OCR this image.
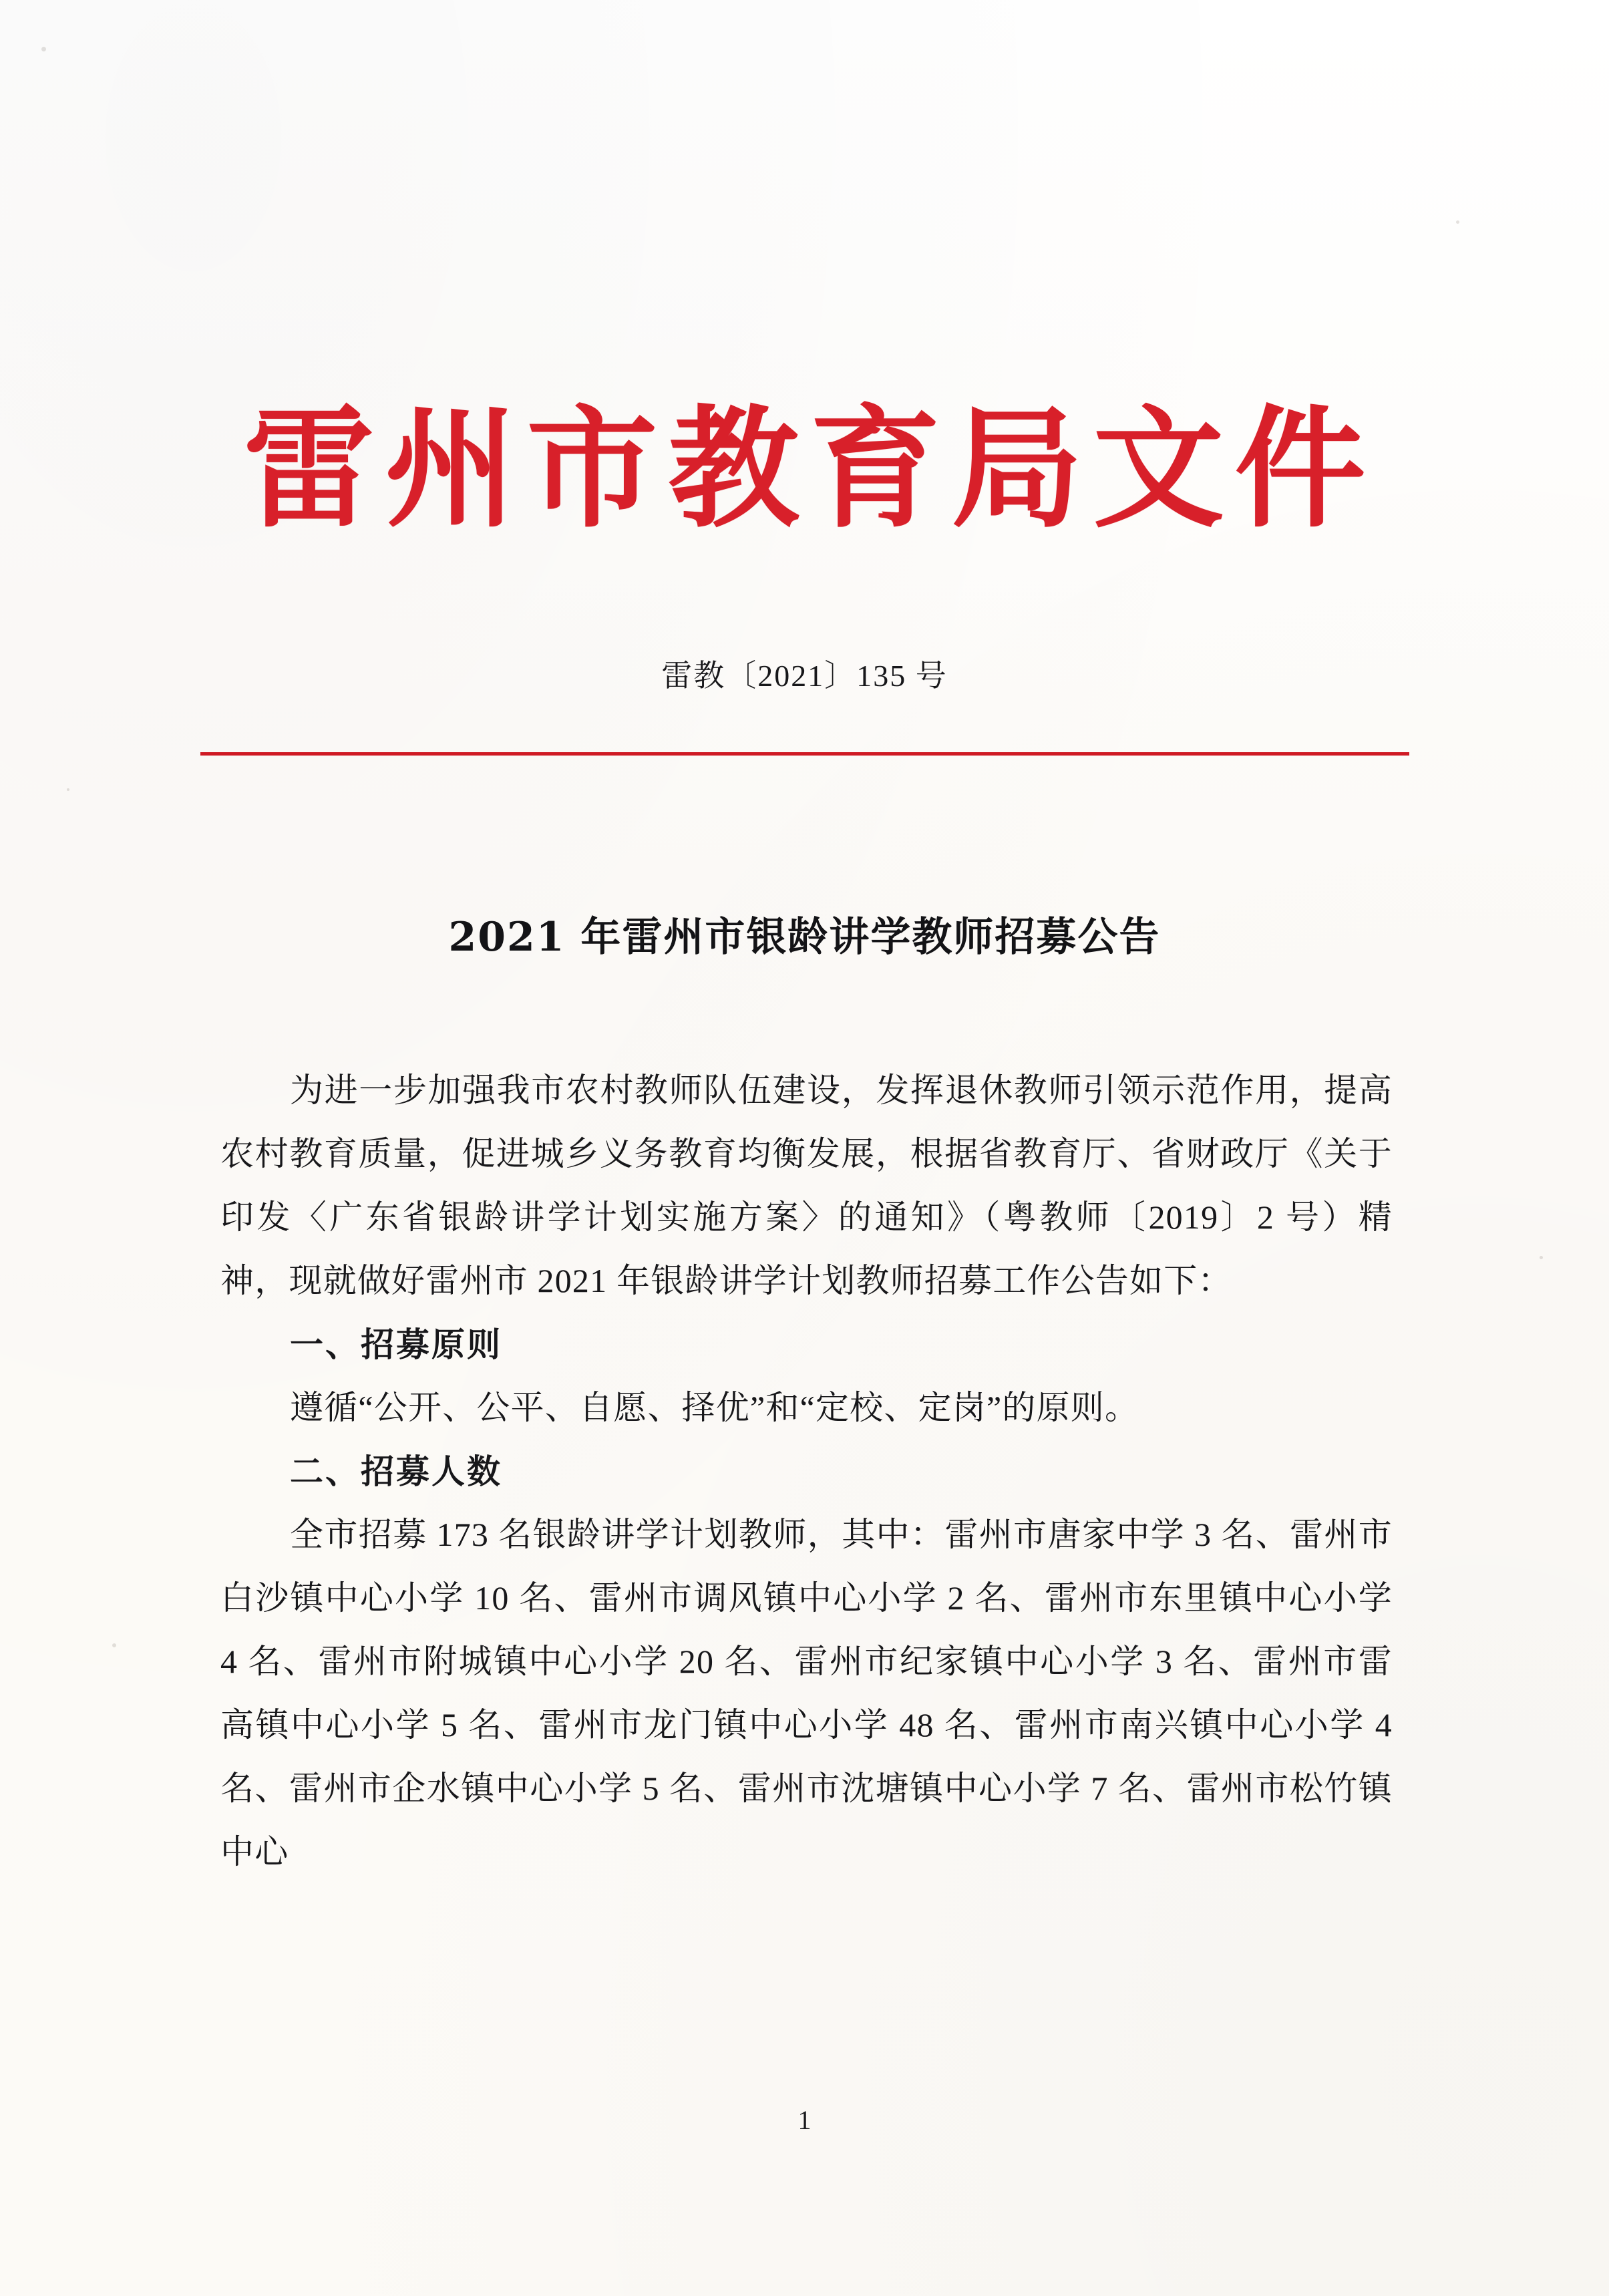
雷州市教育局文件
雷教〔2021〕135 号
2021 年雷州市银龄讲学教师招募公告

为进一步加强我市农村教师队伍建设，发挥退休教师引领示范作用，提高农村教育质量，促进城乡义务教育均衡发展，根据省教育厅、省财政厅《关于印发〈广东省银龄讲学计划实施方案〉的通知》（粤教师〔2019〕2 号）精神，现就做好雷州市 2021 年银龄讲学计划教师招募工作公告如下：

一、招募原则

遵循“公开、公平、自愿、择优”和“定校、定岗”的原则。

二、招募人数

全市招募 173 名银龄讲学计划教师，其中：雷州市唐家中学 3 名、雷州市白沙镇中心小学 10 名、雷州市调风镇中心小学 2 名、雷州市东里镇中心小学 4 名、雷州市附城镇中心小学 20 名、雷州市纪家镇中心小学 3 名、雷州市雷高镇中心小学 5 名、雷州市龙门镇中心小学 48 名、雷州市南兴镇中心小学 4 名、雷州市企水镇中心小学 5 名、雷州市沈塘镇中心小学 7 名、雷州市松竹镇中心

1
